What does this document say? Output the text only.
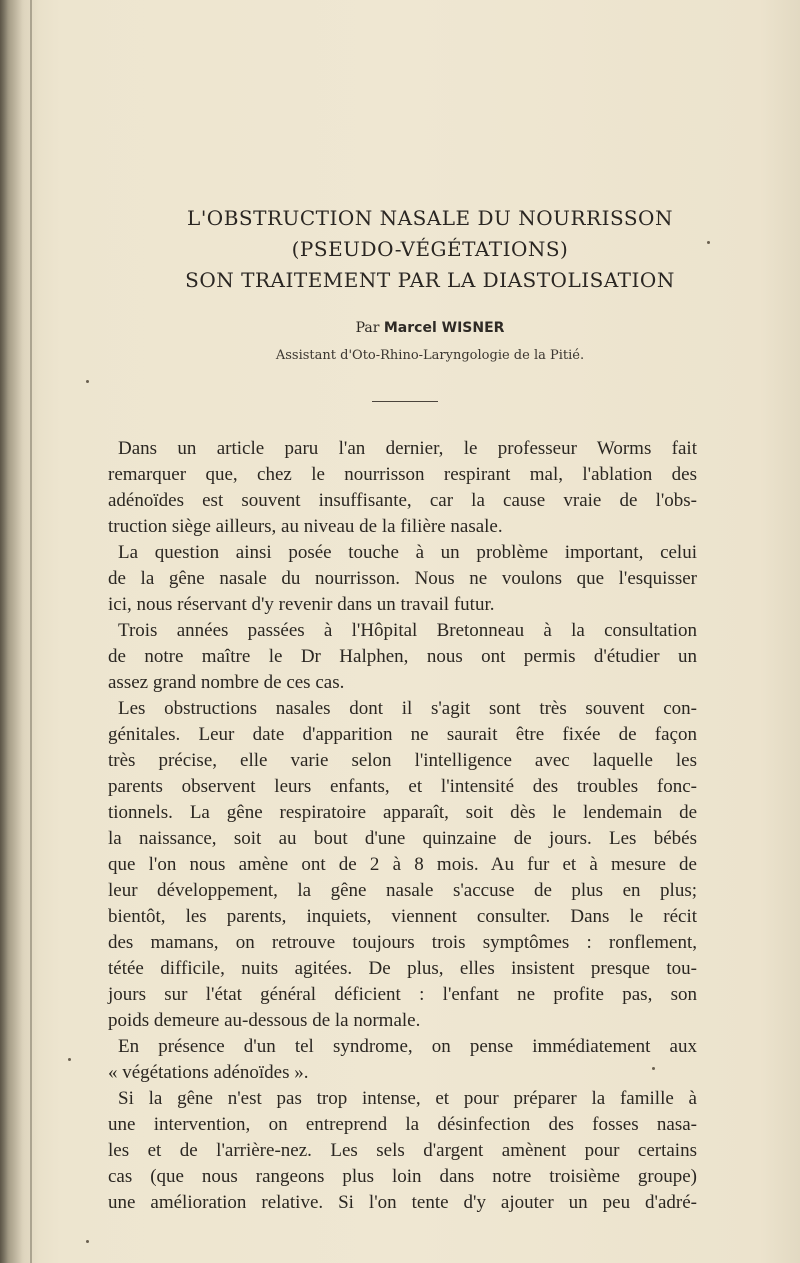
L'OBSTRUCTION NASALE DU NOURRISSON
(PSEUDO-VÉGÉTATIONS)
SON TRAITEMENT PAR LA DIASTOLISATION
Par Marcel WISNER
Assistant d'Oto-Rhino-Laryngologie de la Pitié.
Dans un article paru l'an dernier, le professeur Worms fait
remarquer que, chez le nourrisson respirant mal, l'ablation des
adénoïdes est souvent insuffisante, car la cause vraie de l'obs-
truction siège ailleurs, au niveau de la filière nasale.
La question ainsi posée touche à un problème important, celui
de la gêne nasale du nourrisson. Nous ne voulons que l'esquisser
ici, nous réservant d'y revenir dans un travail futur.
Trois années passées à l'Hôpital Bretonneau à la consultation
de notre maître le Dr Halphen, nous ont permis d'étudier un
assez grand nombre de ces cas.
Les obstructions nasales dont il s'agit sont très souvent con-
génitales. Leur date d'apparition ne saurait être fixée de façon
très précise, elle varie selon l'intelligence avec laquelle les
parents observent leurs enfants, et l'intensité des troubles fonc-
tionnels. La gêne respiratoire apparaît, soit dès le lendemain de
la naissance, soit au bout d'une quinzaine de jours. Les bébés
que l'on nous amène ont de 2 à 8 mois. Au fur et à mesure de
leur développement, la gêne nasale s'accuse de plus en plus;
bientôt, les parents, inquiets, viennent consulter. Dans le récit
des mamans, on retrouve toujours trois symptômes : ronflement,
tétée difficile, nuits agitées. De plus, elles insistent presque tou-
jours sur l'état général déficient : l'enfant ne profite pas, son
poids demeure au-dessous de la normale.
En présence d'un tel syndrome, on pense immédiatement aux
« végétations adénoïdes ».
Si la gêne n'est pas trop intense, et pour préparer la famille à
une intervention, on entreprend la désinfection des fosses nasa-
les et de l'arrière-nez. Les sels d'argent amènent pour certains
cas (que nous rangeons plus loin dans notre troisième groupe)
une amélioration relative. Si l'on tente d'y ajouter un peu d'adré-
